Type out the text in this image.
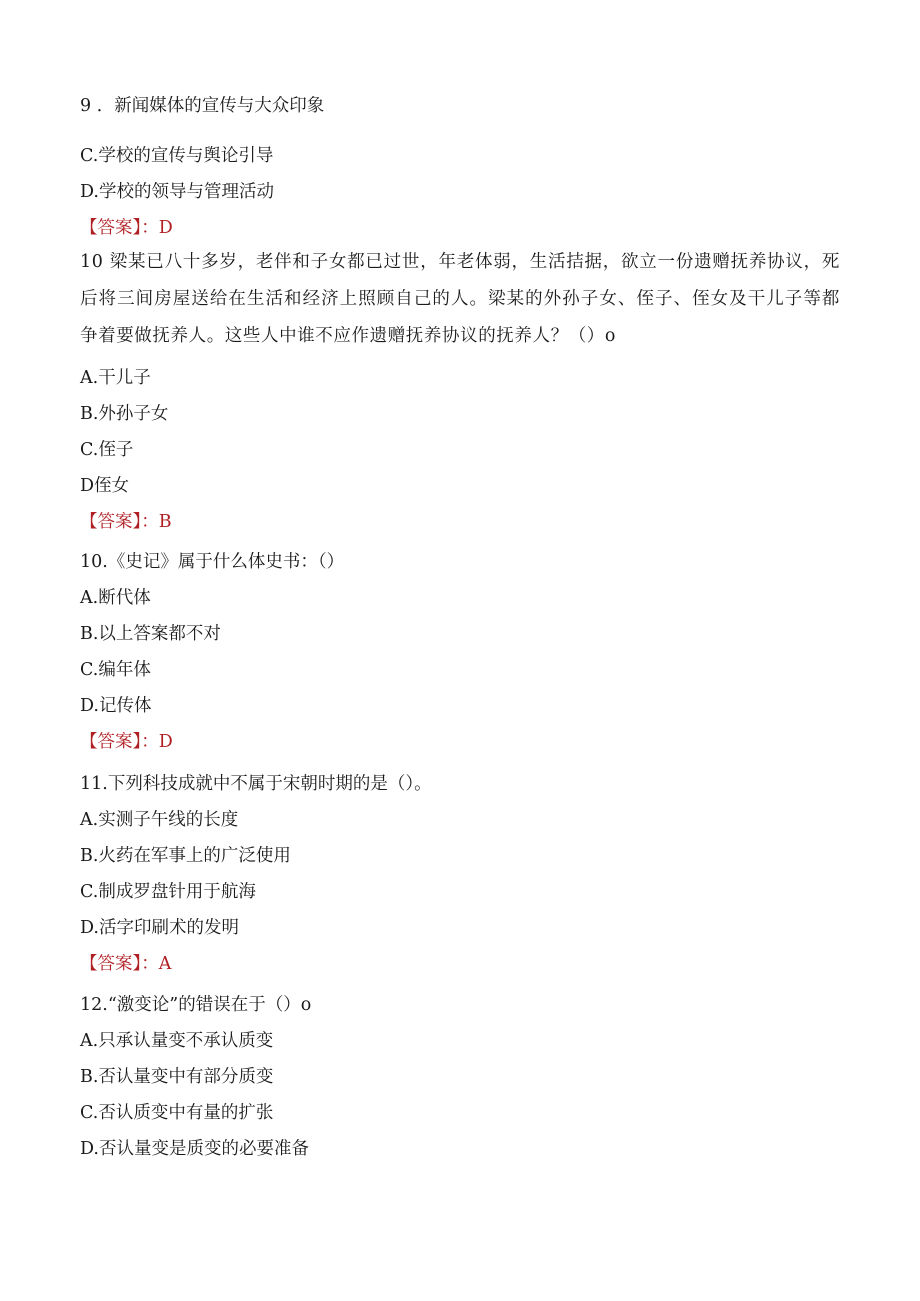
9 ．新闻媒体的宣传与大众印象
C.学校的宣传与舆论引导
D.学校的领导与管理活动
【答案】：D
10 梁某已八十多岁，老伴和子女都已过世，年老体弱，生活拮据，欲立一份遗赠抚养协议，死后将三间房屋送给在生活和经济上照顾自己的人。梁某的外孙子女、侄子、侄女及干儿子等都争着要做抚养人。这些人中谁不应作遗赠抚养协议的抚养人？（）o
A.干儿子
B.外孙子女
C.侄子
D侄女
【答案】：B
10.《史记》属于什么体史书：（）
A.断代体
B.以上答案都不对
C.编年体
D.记传体
【答案】：D
11.下列科技成就中不属于宋朝时期的是（）。
A.实测子午线的长度
B.火药在军事上的广泛使用
C.制成罗盘针用于航海
D.活字印刷术的发明
【答案】：A
12.“激变论”的错误在于（）o
A.只承认量变不承认质变
B.否认量变中有部分质变
C.否认质变中有量的扩张
D.否认量变是质变的必要准备
